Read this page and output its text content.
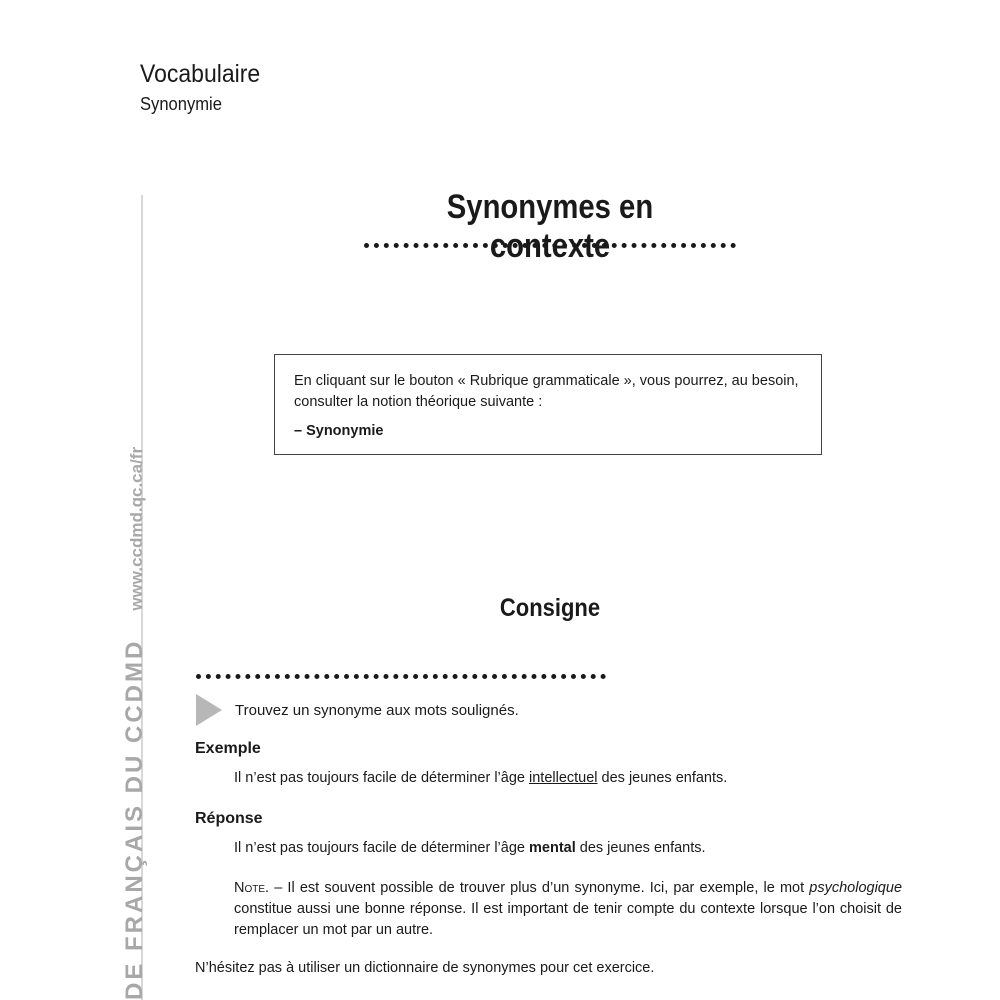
Vocabulaire
Synonymie
DE FRANÇAIS DU CCDMDwww.ccdmd.qc.ca/fr
Synonymes en contexte
En cliquant sur le bouton « Rubrique grammaticale », vous pourrez, au besoin, consulter la notion théorique suivante :
– Synonymie
Consigne
Trouvez un synonyme aux mots soulignés.
Exemple
Il n’est pas toujours facile de déterminer l’âge intellectuel des jeunes enfants.
Réponse
Il n’est pas toujours facile de déterminer l’âge mental des jeunes enfants.
Note. – Il est souvent possible de trouver plus d’un synonyme. Ici, par exemple, le mot psychologique constitue aussi une bonne réponse. Il est important de tenir compte du contexte lorsque l’on choisit de remplacer un mot par un autre.
N’hésitez pas à utiliser un dictionnaire de synonymes pour cet exercice.
